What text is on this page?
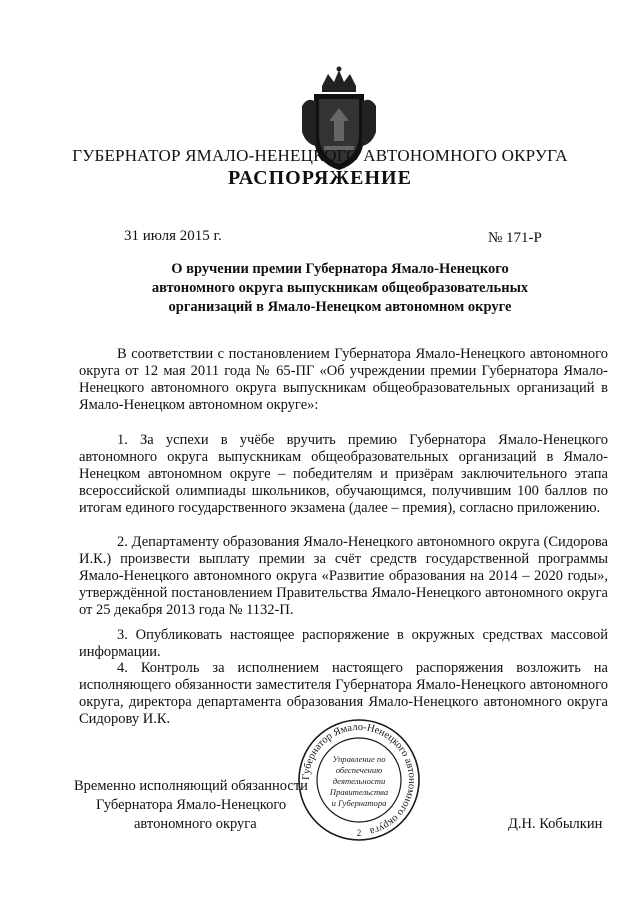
ГУБЕРНАТОР ЯМАЛО-НЕНЕЦКОГО АВТОНОМНОГО ОКРУГА
РАСПОРЯЖЕНИЕ
31 июля 2015 г.	№ 171-Р
О вручении премии Губернатора Ямало-Ненецкого
автономного округа выпускникам общеобразовательных
организаций в Ямало-Ненецком автономном округе
В соответствии с постановлением Губернатора Ямало-Ненецкого автономного округа от 12 мая 2011 года № 65-ПГ «Об учреждении премии Губернатора Ямало-Ненецкого автономного округа выпускникам общеобразовательных организаций в Ямало-Ненецком автономном округе»:
1. За успехи в учёбе вручить премию Губернатора Ямало-Ненецкого автономного округа выпускникам общеобразовательных организаций в Ямало-Ненецком автономном округе – победителям и призёрам заключительного этапа всероссийской олимпиады школьников, обучающимся, получившим 100 баллов по итогам единого государственного экзамена (далее – премия), согласно приложению.
2. Департаменту образования Ямало-Ненецкого автономного округа (Сидорова И.К.) произвести выплату премии за счёт средств государственной программы Ямало-Ненецкого автономного округа «Развитие образования на 2014 – 2020 годы», утверждённой постановлением Правительства Ямало-Ненецкого автономного округа от 25 декабря 2013 года № 1132-П.
3. Опубликовать настоящее распоряжение в окружных средствах массовой информации.
4. Контроль за исполнением настоящего распоряжения возложить на исполняющего обязанности заместителя Губернатора Ямало-Ненецкого автономного округа, директора департамента образования Ямало-Ненецкого автономного округа Сидорову И.К.
Временно исполняющий обязанности
Губернатора Ямало-Ненецкого
автономного округа
Губернатор Ямало-Ненецкого автономного округа
Управление по
обеспечению
деятельности
Правительства
и Губернатора
2
Д.Н. Кобылкин
